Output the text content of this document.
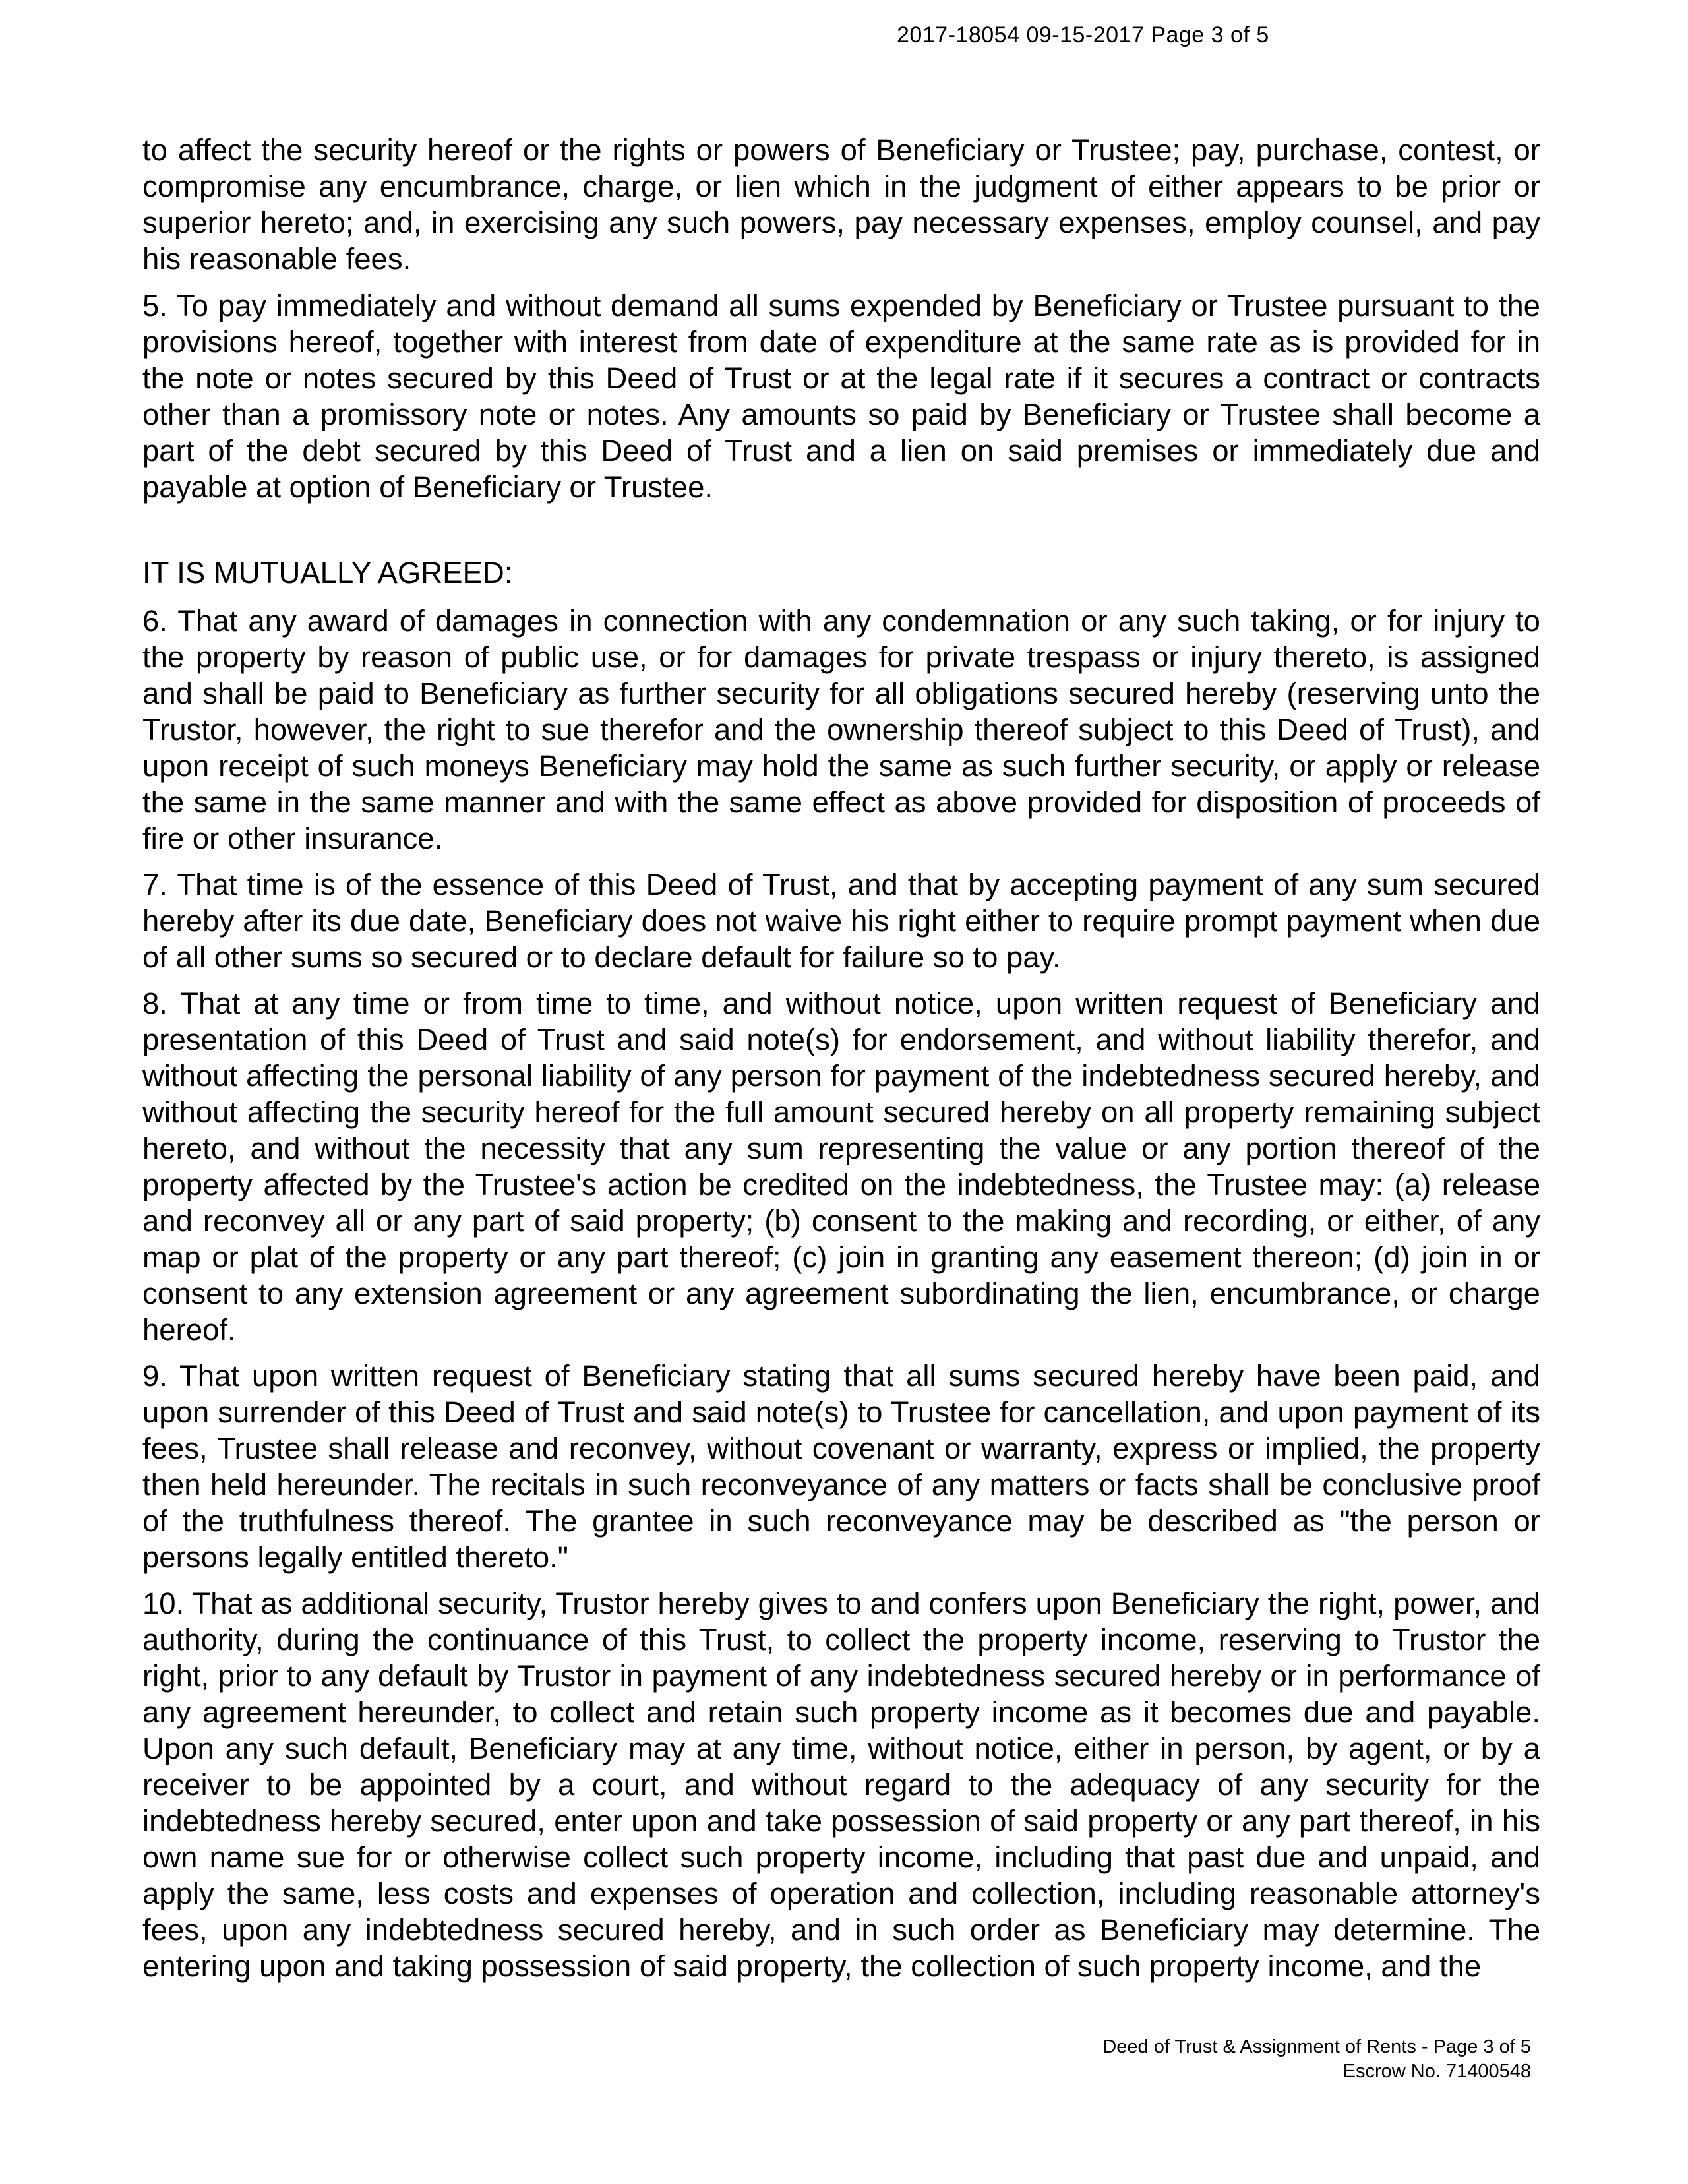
2017-18054 09-15-2017 Page 3 of 5

to affect the security hereof or the rights or powers of Beneficiary or Trustee; pay, purchase, contest, or compromise any encumbrance, charge, or lien which in the judgment of either appears to be prior or superior hereto; and, in exercising any such powers, pay necessary expenses, employ counsel, and pay his reasonable fees.

5. To pay immediately and without demand all sums expended by Beneficiary or Trustee pursuant to the provisions hereof, together with interest from date of expenditure at the same rate as is provided for in the note or notes secured by this Deed of Trust or at the legal rate if it secures a contract or contracts other than a promissory note or notes. Any amounts so paid by Beneficiary or Trustee shall become a part of the debt secured by this Deed of Trust and a lien on said premises or immediately due and payable at option of Beneficiary or Trustee.

IT IS MUTUALLY AGREED:

6. That any award of damages in connection with any condemnation or any such taking, or for injury to the property by reason of public use, or for damages for private trespass or injury thereto, is assigned and shall be paid to Beneficiary as further security for all obligations secured hereby (reserving unto the Trustor, however, the right to sue therefor and the ownership thereof subject to this Deed of Trust), and upon receipt of such moneys Beneficiary may hold the same as such further security, or apply or release the same in the same manner and with the same effect as above provided for disposition of proceeds of fire or other insurance.

7. That time is of the essence of this Deed of Trust, and that by accepting payment of any sum secured hereby after its due date, Beneficiary does not waive his right either to require prompt payment when due of all other sums so secured or to declare default for failure so to pay.

8. That at any time or from time to time, and without notice, upon written request of Beneficiary and presentation of this Deed of Trust and said note(s) for endorsement, and without liability therefor, and without affecting the personal liability of any person for payment of the indebtedness secured hereby, and without affecting the security hereof for the full amount secured hereby on all property remaining subject hereto, and without the necessity that any sum representing the value or any portion thereof of the property affected by the Trustee's action be credited on the indebtedness, the Trustee may: (a) release and reconvey all or any part of said property; (b) consent to the making and recording, or either, of any map or plat of the property or any part thereof; (c) join in granting any easement thereon; (d) join in or consent to any extension agreement or any agreement subordinating the lien, encumbrance, or charge hereof.

9. That upon written request of Beneficiary stating that all sums secured hereby have been paid, and upon surrender of this Deed of Trust and said note(s) to Trustee for cancellation, and upon payment of its fees, Trustee shall release and reconvey, without covenant or warranty, express or implied, the property then held hereunder. The recitals in such reconveyance of any matters or facts shall be conclusive proof of the truthfulness thereof. The grantee in such reconveyance may be described as "the person or persons legally entitled thereto."

10. That as additional security, Trustor hereby gives to and confers upon Beneficiary the right, power, and authority, during the continuance of this Trust, to collect the property income, reserving to Trustor the right, prior to any default by Trustor in payment of any indebtedness secured hereby or in performance of any agreement hereunder, to collect and retain such property income as it becomes due and payable. Upon any such default, Beneficiary may at any time, without notice, either in person, by agent, or by a receiver to be appointed by a court, and without regard to the adequacy of any security for the indebtedness hereby secured, enter upon and take possession of said property or any part thereof, in his own name sue for or otherwise collect such property income, including that past due and unpaid, and apply the same, less costs and expenses of operation and collection, including reasonable attorney's fees, upon any indebtedness secured hereby, and in such order as Beneficiary may determine. The entering upon and taking possession of said property, the collection of such property income, and the

Deed of Trust & Assignment of Rents - Page 3 of 5
Escrow No. 71400548
